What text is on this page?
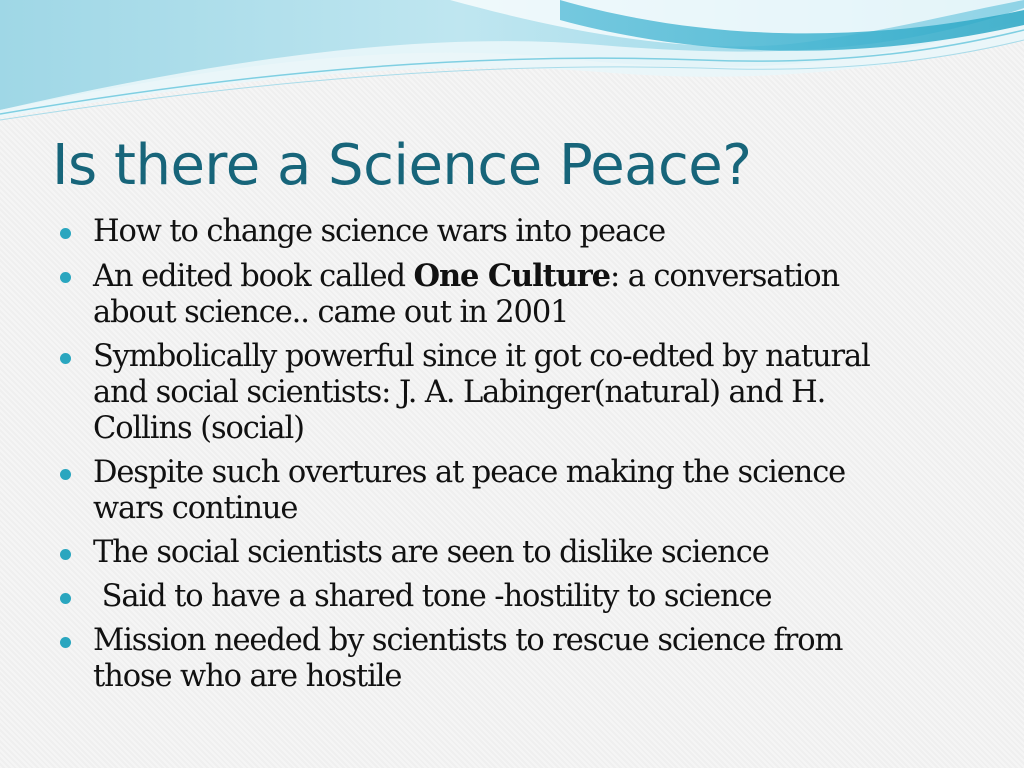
Is there a Science Peace?
How to change science wars into peace
An edited book called One Culture: a conversation
about science.. came out in 2001
Symbolically powerful since it got co-edted by natural
and social scientists: J. A. Labinger(natural) and H.
Collins (social)
Despite such overtures at peace making the science
wars continue
The social scientists are seen to dislike science
Said to have a shared tone -hostility to science
Mission needed by scientists to rescue science from
those who are hostile
